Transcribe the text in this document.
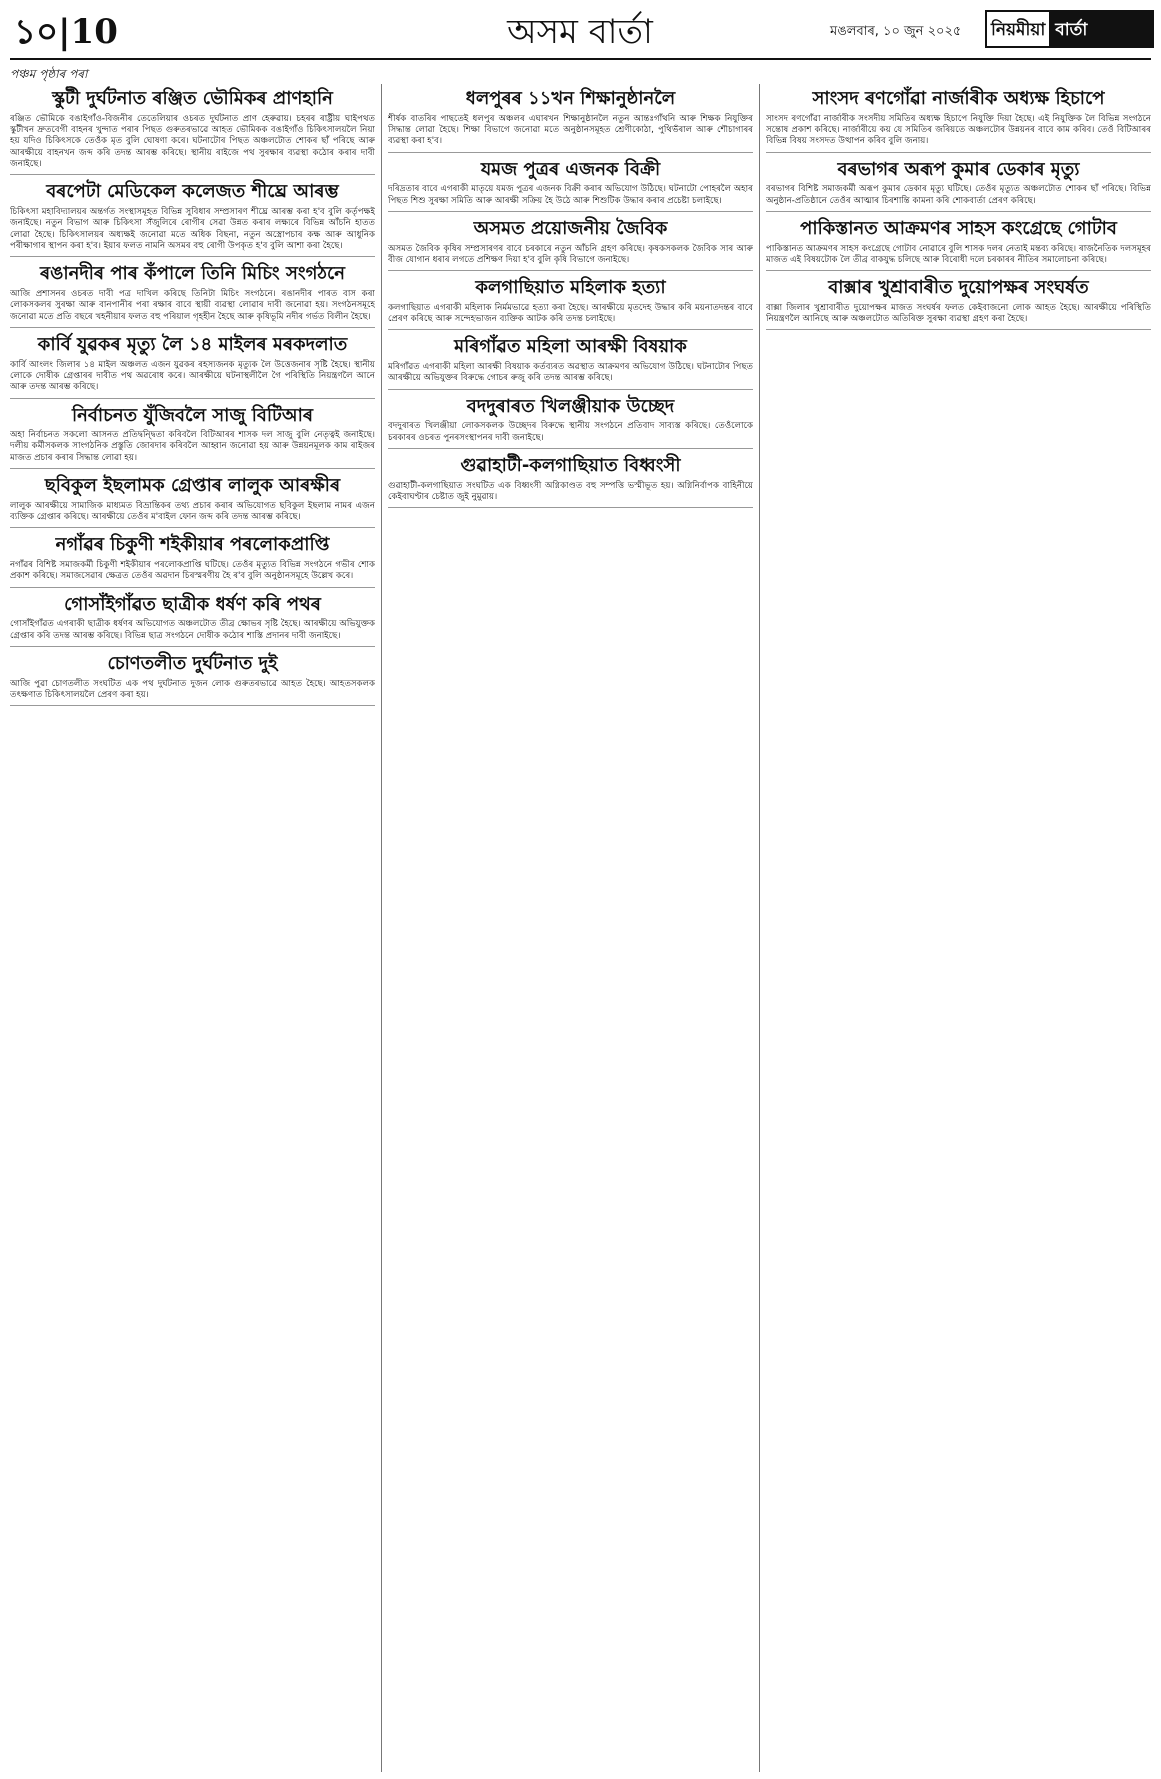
১০|10	অসম বাৰ্তা	মঙলবাৰ, ১০ জুন ২০২৫ নিয়মীয়া বাৰ্তা
পঞ্চম পৃষ্ঠাৰ পৰা
স্কুটী দুৰ্ঘটনাত ৰঞ্জিত ভৌমিকৰ প্ৰাণহানি

ৰঞ্জিত ভৌমিকে বঙাইগাঁও-বিজনীৰ তেতেলিয়াৰ ওচৰত দুৰ্ঘটনাত প্ৰাণ হেৰুৱায়। চহৰৰ ৰাষ্ট্ৰীয় ঘাইপথত স্কুটীখন দ্ৰুতবেগী বাহনৰ খুন্দাত পৰাৰ পিছত গুৰুতৰভাৱে আহত ভৌমিকক বঙাইগাঁও চিকিৎসালয়লৈ নিয়া হয় যদিও চিকিৎসকে তেওঁক মৃত বুলি ঘোষণা কৰে। ঘটনাটোৰ পিছত অঞ্চলটোত শোকৰ ছাঁ পৰিছে আৰু আৰক্ষীয়ে বাহনখন জব্দ কৰি তদন্ত আৰম্ভ কৰিছে। স্থানীয় ৰাইজে পথ সুৰক্ষাৰ ব্যৱস্থা কঠোৰ কৰাৰ দাবী জনাইছে।

বৰপেটা মেডিকেল কলেজত শীঘ্ৰে আৰম্ভ

চিকিৎসা মহাবিদ্যালয়ৰ অন্তৰ্গত সংস্থাসমূহত বিভিন্ন সুবিধাৰ সম্প্ৰসাৰণ শীঘ্ৰে আৰম্ভ কৰা হ'ব বুলি কৰ্তৃপক্ষই জনাইছে। নতুন বিভাগ আৰু চিকিৎসা সঁজুলিৰে ৰোগীৰ সেৱা উন্নত কৰাৰ লক্ষ্যৰে বিভিন্ন আঁচনি হাতত লোৱা হৈছে। চিকিৎসালয়ৰ অধ্যক্ষই জনোৱা মতে অধিক বিছনা, নতুন অস্ত্ৰোপচাৰ কক্ষ আৰু আধুনিক পৰীক্ষাগাৰ স্থাপন কৰা হ'ব। ইয়াৰ ফলত নামনি অসমৰ বহু ৰোগী উপকৃত হ'ব বুলি আশা কৰা হৈছে।

ৰঙানদীৰ পাৰ কঁপালে তিনি মিচিং সংগঠনে

আজি প্ৰশাসনৰ ওচৰত দাবী পত্ৰ দাখিল কৰিছে তিনিটা মিচিং সংগঠনে। ৰঙানদীৰ পাৰত বাস কৰা লোকসকলৰ সুৰক্ষা আৰু বানপানীৰ পৰা ৰক্ষাৰ বাবে স্থায়ী ব্যৱস্থা লোৱাৰ দাবী জনোৱা হয়। সংগঠনসমূহে জনোৱা মতে প্ৰতি বছৰে খহনীয়াৰ ফলত বহু পৰিয়াল গৃহহীন হৈছে আৰু কৃষিভূমি নদীৰ গৰ্ভত বিলীন হৈছে।

কাৰ্বি যুৱকৰ মৃত্যু লৈ ১৪ মাইলৰ মৰকদলাত

কাৰ্বি আংলং জিলাৰ ১৪ মাইল অঞ্চলত এজন যুৱকৰ ৰহস্যজনক মৃত্যুক লৈ উত্তেজনাৰ সৃষ্টি হৈছে। স্থানীয় লোকে দোষীক গ্ৰেপ্তাৰৰ দাবীত পথ অৱৰোধ কৰে। আৰক্ষীয়ে ঘটনাস্থলীলৈ গৈ পৰিস্থিতি নিয়ন্ত্ৰণলৈ আনে আৰু তদন্ত আৰম্ভ কৰিছে।

নিৰ্বাচনত যুঁজিবলৈ সাজু বিটিআৰ

অহা নিৰ্বাচনত সকলো আসনত প্ৰতিদ্বন্দ্বিতা কৰিবলৈ বিটিআৰৰ শাসক দল সাজু বুলি নেতৃত্বই জনাইছে। দলীয় কৰ্মীসকলক সাংগঠনিক প্ৰস্তুতি জোৰদাৰ কৰিবলৈ আহ্বান জনোৱা হয় আৰু উন্নয়নমূলক কাম ৰাইজৰ মাজত প্ৰচাৰ কৰাৰ সিদ্ধান্ত লোৱা হয়।

ছবিকুল ইছলামক গ্ৰেপ্তাৰ লালুক আৰক্ষীৰ

লালুক আৰক্ষীয়ে সামাজিক মাধ্যমত বিভ্ৰান্তিকৰ তথ্য প্ৰচাৰ কৰাৰ অভিযোগত ছবিকুল ইছলাম নামৰ এজন ব্যক্তিক গ্ৰেপ্তাৰ কৰিছে। আৰক্ষীয়ে তেওঁৰ ম'বাইল ফোন জব্দ কৰি তদন্ত আৰম্ভ কৰিছে।

নগাঁৱৰ চিকুণী শইকীয়াৰ পৰলোকপ্ৰাপ্তি

নগাঁৱৰ বিশিষ্ট সমাজকৰ্মী চিকুণী শইকীয়াৰ পৰলোকপ্ৰাপ্তি ঘটিছে। তেওঁৰ মৃত্যুত বিভিন্ন সংগঠনে গভীৰ শোক প্ৰকাশ কৰিছে। সমাজসেৱাৰ ক্ষেত্ৰত তেওঁৰ অৱদান চিৰস্মৰণীয় হৈ ৰ'ব বুলি অনুষ্ঠানসমূহে উল্লেখ কৰে।

গোসাঁইগাঁৱত ছাত্ৰীক ধৰ্ষণ কৰি পথৰ

গোসাঁইগাঁৱত এগৰাকী ছাত্ৰীক ধৰ্ষণৰ অভিযোগত অঞ্চলটোত তীব্ৰ ক্ষোভৰ সৃষ্টি হৈছে। আৰক্ষীয়ে অভিযুক্তক গ্ৰেপ্তাৰ কৰি তদন্ত আৰম্ভ কৰিছে। বিভিন্ন ছাত্ৰ সংগঠনে দোষীক কঠোৰ শাস্তি প্ৰদানৰ দাবী জনাইছে।

চোণতলীত দুৰ্ঘটনাত দুই

আজি পুৱা চোণতলীত সংঘটিত এক পথ দুৰ্ঘটনাত দুজন লোক গুৰুতৰভাৱে আহত হৈছে। আহতসকলক তৎক্ষণাত চিকিৎসালয়লৈ প্ৰেৰণ কৰা হয়।

ধলপুৰৰ ১১খন শিক্ষানুষ্ঠানলৈ

শীৰ্ষক বাতৰিৰ পাছতেই ধলপুৰ অঞ্চলৰ এঘাৰখন শিক্ষানুষ্ঠানলৈ নতুন আন্তঃগাঁথনি আৰু শিক্ষক নিযুক্তিৰ সিদ্ধান্ত লোৱা হৈছে। শিক্ষা বিভাগে জনোৱা মতে অনুষ্ঠানসমূহত শ্ৰেণীকোঠা, পুথিভঁৰাল আৰু শৌচাগাৰৰ ব্যৱস্থা কৰা হ'ব।

যমজ পুত্ৰৰ এজনক বিক্ৰী

দৰিদ্ৰতাৰ বাবে এগৰাকী মাতৃয়ে যমজ পুত্ৰৰ এজনক বিক্ৰী কৰাৰ অভিযোগ উঠিছে। ঘটনাটো পোহৰলৈ অহাৰ পিছত শিশু সুৰক্ষা সমিতি আৰু আৰক্ষী সক্ৰিয় হৈ উঠে আৰু শিশুটিক উদ্ধাৰ কৰাৰ প্ৰচেষ্টা চলাইছে।

অসমত প্ৰয়োজনীয় জৈবিক

অসমত জৈবিক কৃষিৰ সম্প্ৰসাৰণৰ বাবে চৰকাৰে নতুন আঁচনি গ্ৰহণ কৰিছে। কৃষকসকলক জৈবিক সাৰ আৰু বীজ যোগান ধৰাৰ লগতে প্ৰশিক্ষণ দিয়া হ'ব বুলি কৃষি বিভাগে জনাইছে।

কলগাছিয়াত মহিলাক হত্যা

কলগাছিয়াত এগৰাকী মহিলাক নিৰ্মমভাৱে হত্যা কৰা হৈছে। আৰক্ষীয়ে মৃতদেহ উদ্ধাৰ কৰি ময়নাতদন্তৰ বাবে প্ৰেৰণ কৰিছে আৰু সন্দেহভাজন ব্যক্তিক আটক কৰি তদন্ত চলাইছে।

মৰিগাঁৱত মহিলা আৰক্ষী বিষয়াক

মৰিগাঁৱত এগৰাকী মহিলা আৰক্ষী বিষয়াক কৰ্তব্যৰত অৱস্থাত আক্ৰমণৰ অভিযোগ উঠিছে। ঘটনাটোৰ পিছত আৰক্ষীয়ে অভিযুক্তৰ বিৰুদ্ধে গোচৰ ৰুজু কৰি তদন্ত আৰম্ভ কৰিছে।

বদদুৰাৰত খিলঞ্জীয়াক উচ্ছেদ

বদদুৰাৰত খিলঞ্জীয়া লোকসকলক উচ্ছেদৰ বিৰুদ্ধে স্থানীয় সংগঠনে প্ৰতিবাদ সাব্যস্ত কৰিছে। তেওঁলোকে চৰকাৰৰ ওচৰত পুনৰসংস্থাপনৰ দাবী জনাইছে।

গুৱাহাটী-কলগাছিয়াত বিধ্বংসী

গুৱাহাটী-কলগাছিয়াত সংঘটিত এক বিধ্বংসী অগ্নিকাণ্ডত বহু সম্পত্তি ভস্মীভূত হয়। অগ্নিনিৰ্বাপক বাহিনীয়ে কেইবাঘণ্টাৰ চেষ্টাত জুই নুমুৱায়।

সাংসদ ৰণগোঁৱা নাৰ্জাৰীক অধ্যক্ষ হিচাপে

সাংসদ ৰণগোঁৱা নাৰ্জাৰীক সংসদীয় সমিতিৰ অধ্যক্ষ হিচাপে নিযুক্তি দিয়া হৈছে। এই নিযুক্তিক লৈ বিভিন্ন সংগঠনে সন্তোষ প্ৰকাশ কৰিছে। নাৰ্জাৰীয়ে কয় যে সমিতিৰ জৰিয়তে অঞ্চলটোৰ উন্নয়নৰ বাবে কাম কৰিব। তেওঁ বিটিআৰৰ বিভিন্ন বিষয় সংসদত উত্থাপন কৰিব বুলি জনায়।

বৰভাগৰ অৰূপ কুমাৰ ডেকাৰ মৃত্যু

বৰভাগৰ বিশিষ্ট সমাজকৰ্মী অৰূপ কুমাৰ ডেকাৰ মৃত্যু ঘটিছে। তেওঁৰ মৃত্যুত অঞ্চলটোত শোকৰ ছাঁ পৰিছে। বিভিন্ন অনুষ্ঠান-প্ৰতিষ্ঠানে তেওঁৰ আত্মাৰ চিৰশান্তি কামনা কৰি শোকবাৰ্তা প্ৰেৰণ কৰিছে।

পাকিস্তানত আক্ৰমণৰ সাহস কংগ্ৰেছে গোটাব

পাকিস্তানত আক্ৰমণৰ সাহস কংগ্ৰেছে গোটাব নোৱাৰে বুলি শাসক দলৰ নেতাই মন্তব্য কৰিছে। ৰাজনৈতিক দলসমূহৰ মাজত এই বিষয়টোক লৈ তীব্ৰ বাকযুদ্ধ চলিছে আৰু বিৰোধী দলে চৰকাৰৰ নীতিৰ সমালোচনা কৰিছে।

বাক্সাৰ খুশ্ৰাবাৰীত দুয়োপক্ষৰ সংঘৰ্ষত

বাক্সা জিলাৰ খুশ্ৰাবাৰীত দুয়োপক্ষৰ মাজত সংঘৰ্ষৰ ফলত কেইবাজনো লোক আহত হৈছে। আৰক্ষীয়ে পৰিস্থিতি নিয়ন্ত্ৰণলৈ আনিছে আৰু অঞ্চলটোত অতিৰিক্ত সুৰক্ষা ব্যৱস্থা গ্ৰহণ কৰা হৈছে।
